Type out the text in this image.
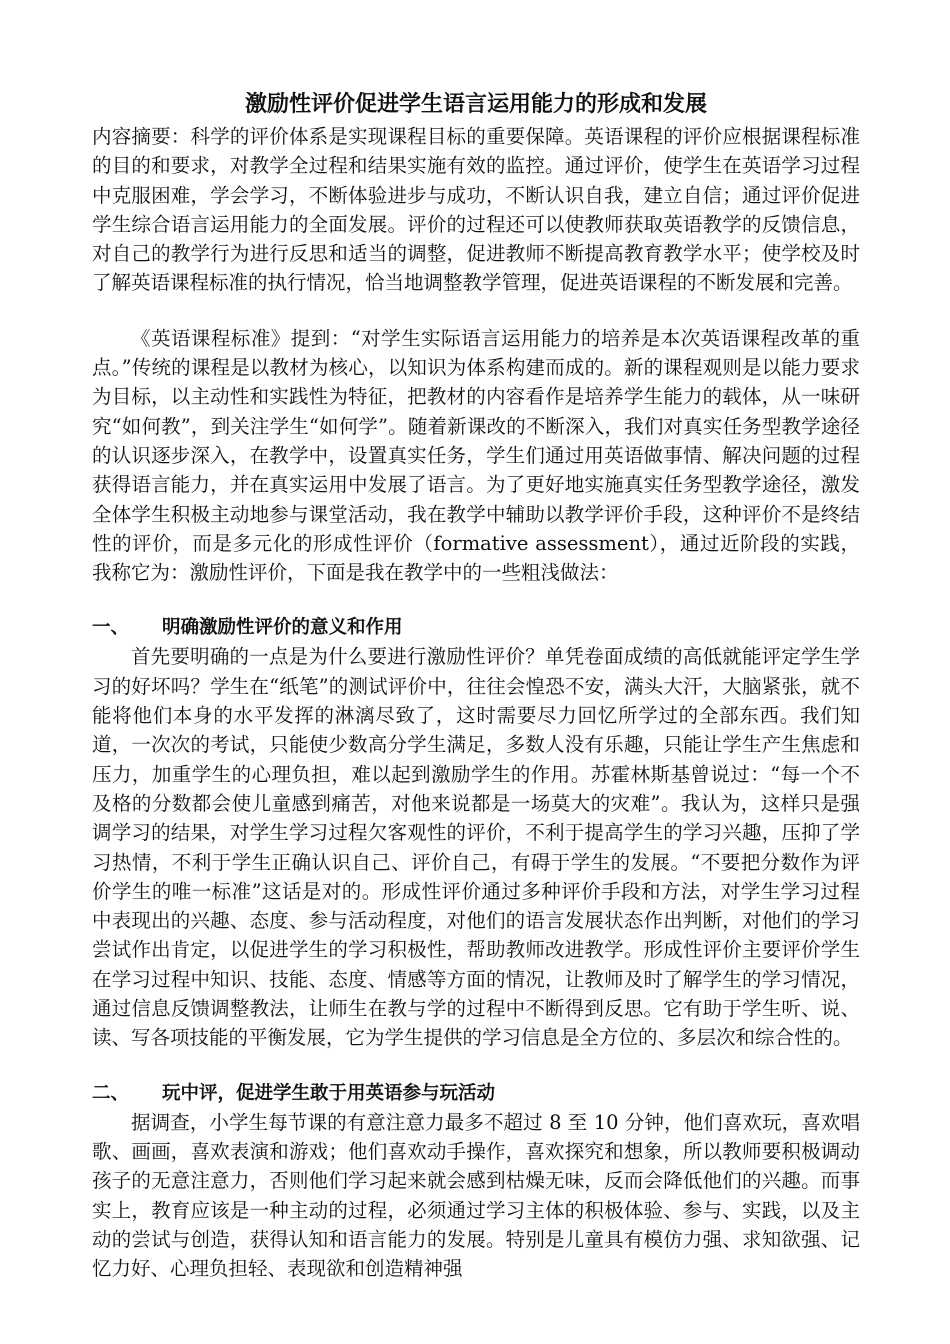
激励性评价促进学生语言运用能力的形成和发展

内容摘要：科学的评价体系是实现课程目标的重要保障。英语课程的评价应根据课程标准的目的和要求，对教学全过程和结果实施有效的监控。通过评价，使学生在英语学习过程中克服困难，学会学习，不断体验进步与成功，不断认识自我，建立自信；通过评价促进学生综合语言运用能力的全面发展。评价的过程还可以使教师获取英语教学的反馈信息，对自己的教学行为进行反思和适当的调整，促进教师不断提高教育教学水平；使学校及时了解英语课程标准的执行情况，恰当地调整教学管理，促进英语课程的不断发展和完善。

《英语课程标准》提到：“对学生实际语言运用能力的培养是本次英语课程改革的重点。”传统的课程是以教材为核心，以知识为体系构建而成的。新的课程观则是以能力要求为目标，以主动性和实践性为特征，把教材的内容看作是培养学生能力的载体，从一味研究“如何教”，到关注学生“如何学”。随着新课改的不断深入，我们对真实任务型教学途径的认识逐步深入，在教学中，设置真实任务，学生们通过用英语做事情、解决问题的过程获得语言能力，并在真实运用中发展了语言。为了更好地实施真实任务型教学途径，激发全体学生积极主动地参与课堂活动，我在教学中辅助以教学评价手段，这种评价不是终结性的评价，而是多元化的形成性评价（formative assessment），通过近阶段的实践，我称它为：激励性评价，下面是我在教学中的一些粗浅做法：

一、 明确激励性评价的意义和作用

首先要明确的一点是为什么要进行激励性评价？单凭卷面成绩的高低就能评定学生学习的好坏吗？学生在“纸笔”的测试评价中，往往会惶恐不安，满头大汗，大脑紧张，就不能将他们本身的水平发挥的淋漓尽致了，这时需要尽力回忆所学过的全部东西。我们知道，一次次的考试，只能使少数高分学生满足，多数人没有乐趣，只能让学生产生焦虑和压力，加重学生的心理负担，难以起到激励学生的作用。苏霍林斯基曾说过：“每一个不及格的分数都会使儿童感到痛苦，对他来说都是一场莫大的灾难”。我认为，这样只是强调学习的结果，对学生学习过程欠客观性的评价，不利于提高学生的学习兴趣，压抑了学习热情，不利于学生正确认识自己、评价自己，有碍于学生的发展。“不要把分数作为评价学生的唯一标准”这话是对的。形成性评价通过多种评价手段和方法，对学生学习过程中表现出的兴趣、态度、参与活动程度，对他们的语言发展状态作出判断，对他们的学习尝试作出肯定，以促进学生的学习积极性，帮助教师改进教学。形成性评价主要评价学生在学习过程中知识、技能、态度、情感等方面的情况，让教师及时了解学生的学习情况，通过信息反馈调整教法，让师生在教与学的过程中不断得到反思。它有助于学生听、说、读、写各项技能的平衡发展，它为学生提供的学习信息是全方位的、多层次和综合性的。

二、 玩中评，促进学生敢于用英语参与玩活动

据调查，小学生每节课的有意注意力最多不超过 8 至 10 分钟，他们喜欢玩，喜欢唱歌、画画，喜欢表演和游戏；他们喜欢动手操作，喜欢探究和想象，所以教师要积极调动孩子的无意注意力，否则他们学习起来就会感到枯燥无味，反而会降低他们的兴趣。而事实上，教育应该是一种主动的过程，必须通过学习主体的积极体验、参与、实践，以及主动的尝试与创造，获得认知和语言能力的发展。特别是儿童具有模仿力强、求知欲强、记忆力好、心理负担轻、表现欲和创造精神强
